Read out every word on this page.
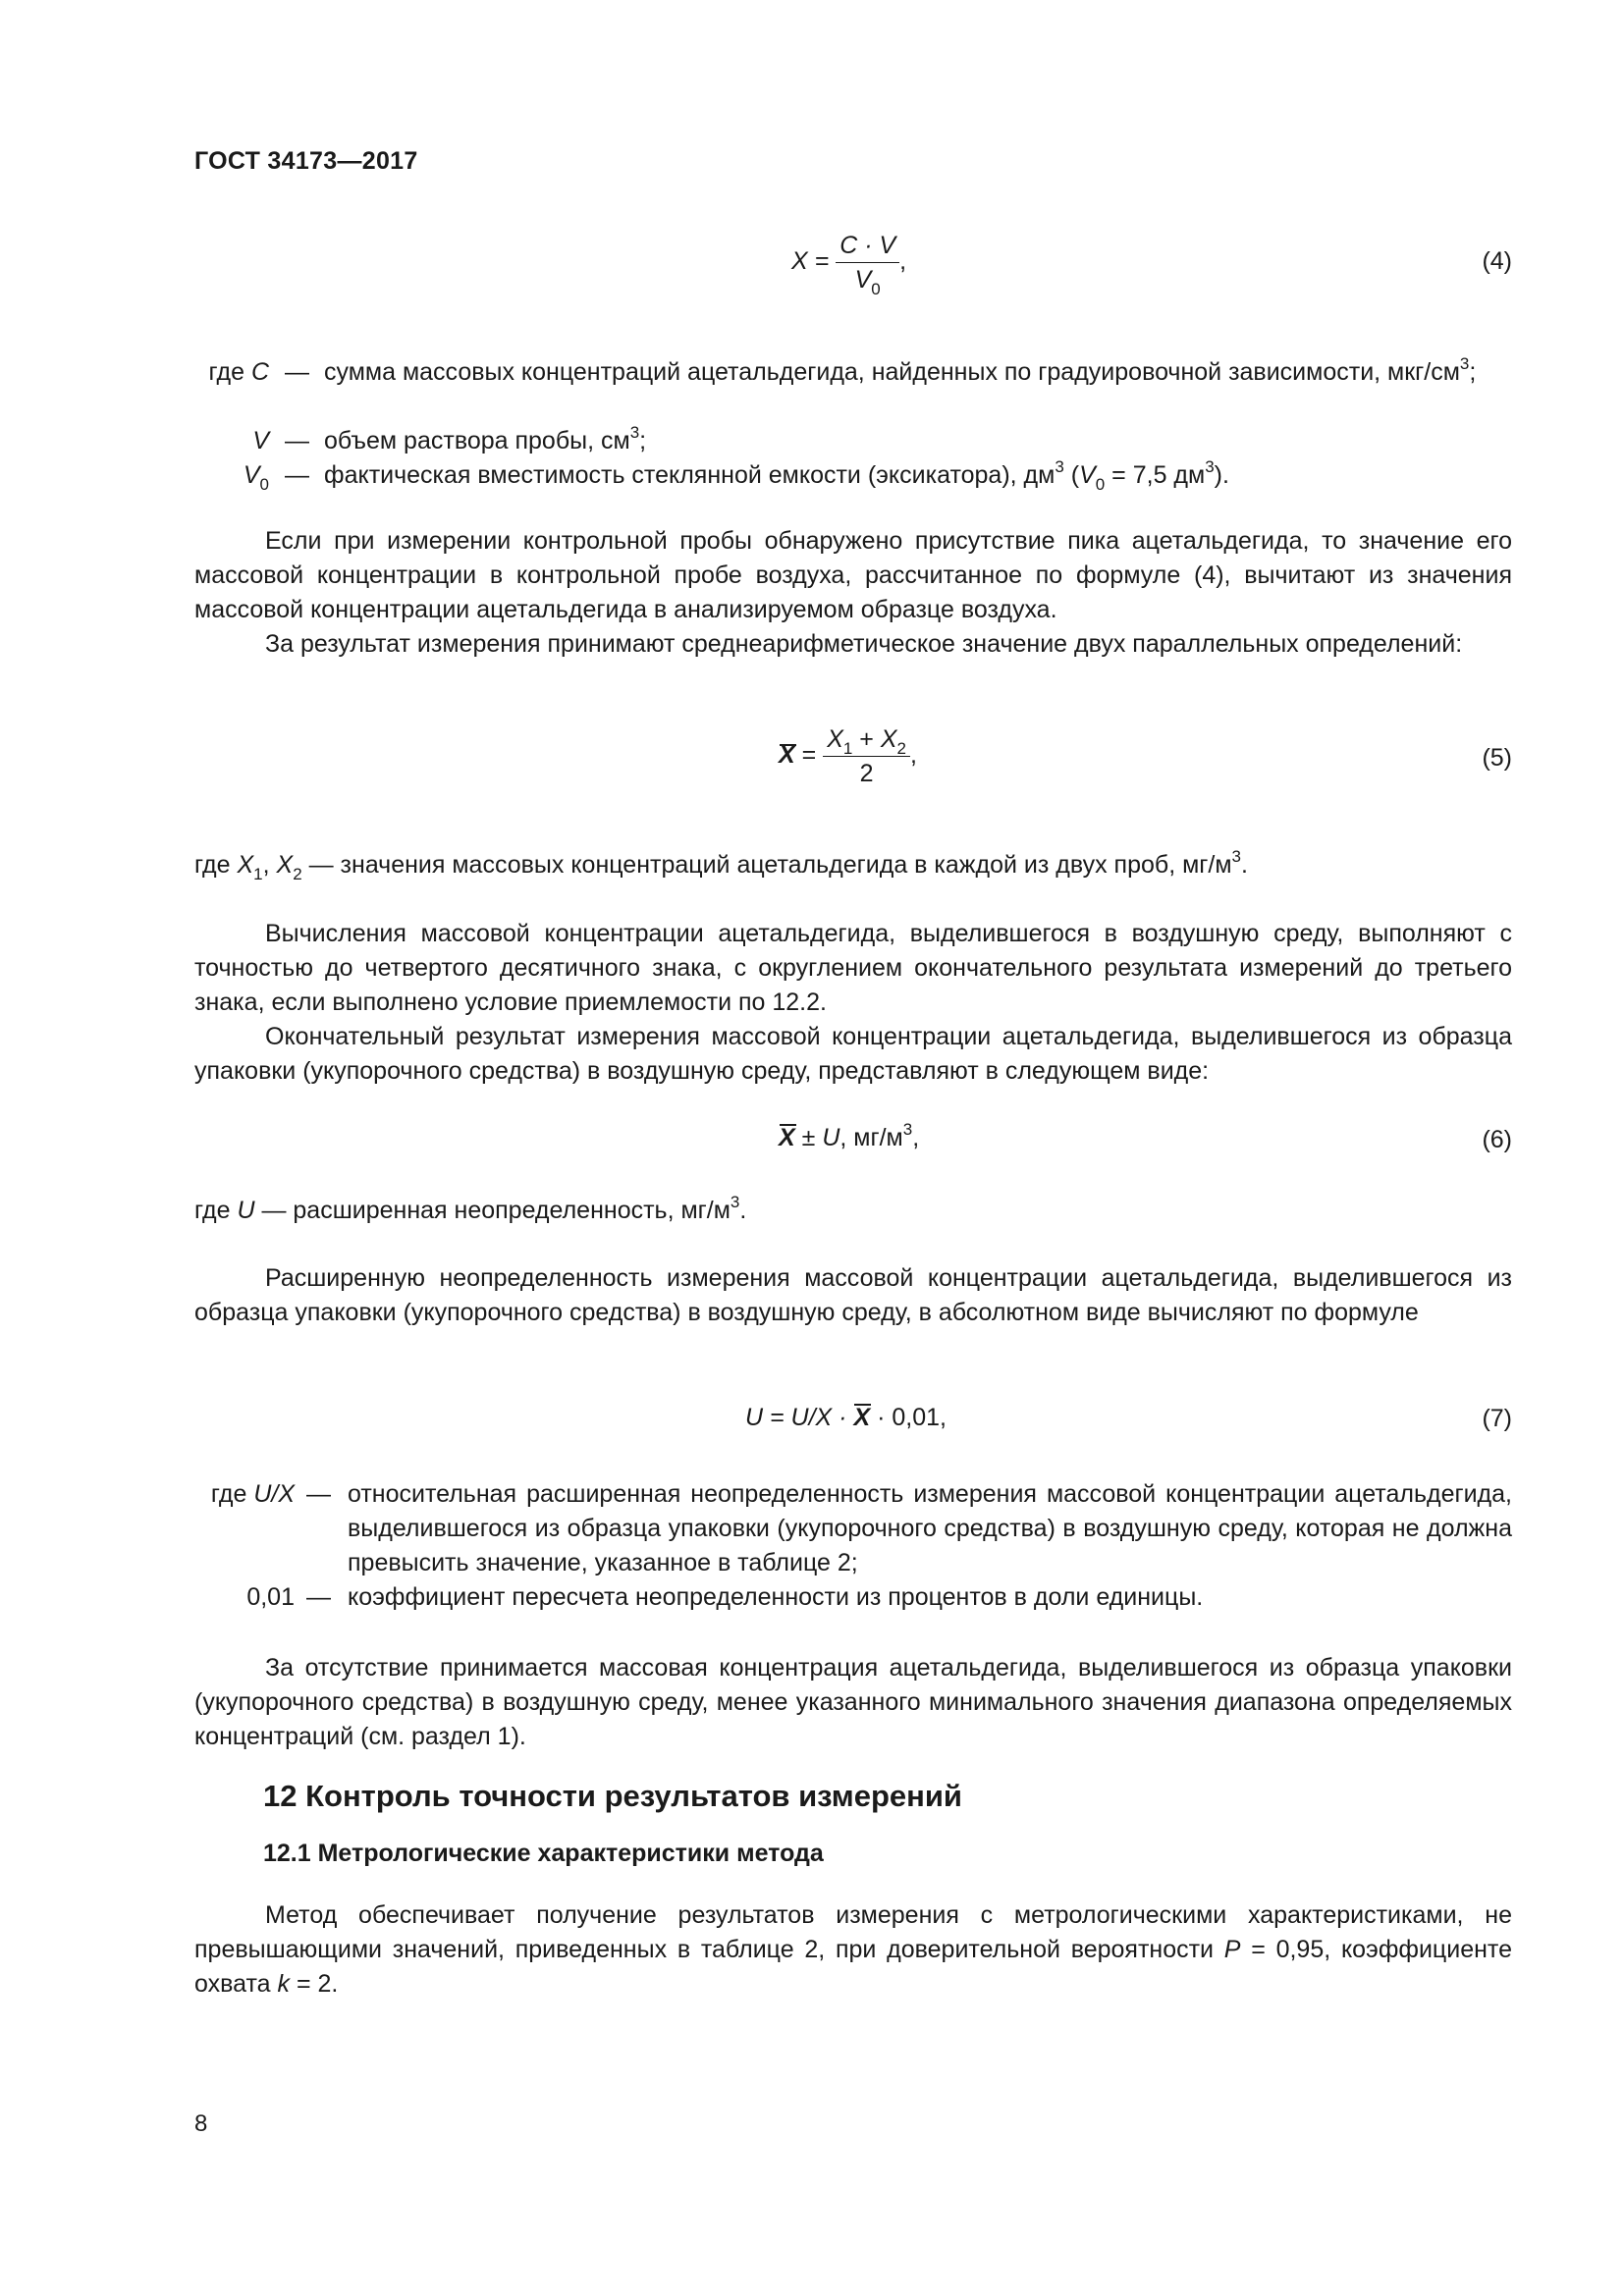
ГОСТ 34173—2017
$X = \frac{C \cdot V}{V_0}$ ,	(4)
где C — сумма массовых концентраций ацетальдегида, найденных по градуировочной зависимости, мкг/$см^3$;
V — объем раствора пробы, $см^3$;
$V_0$ — фактическая вместимость стеклянной емкости (эксикатора), $дм^3$ ($V_0 = 7,5$ $дм^3$).
Если при измерении контрольной пробы обнаружено присутствие пика ацетальдегида, то значение его массовой концентрации в контрольной пробе воздуха, рассчитанное по формуле (4), вычитают из значения массовой концентрации ацетальдегида в анализируемом образце воздуха.
За результат измерения принимают среднеарифметическое значение двух параллельных определений:
$X = \frac{X_1 + X_2}{2}$ ,	(5)
где $X_1$, $X_2$ — значения массовых концентраций ацетальдегида в каждой из двух проб, $мг/м^3$.
Вычисления массовой концентрации ацетальдегида, выделившегося в воздушную среду, выполняют с точностью до четвертого десятичного знака, с округлением окончательного результата измерений до третьего знака, если выполнено условие приемлемости по 12.2.
Окончательный результат измерения массовой концентрации ацетальдегида, выделившегося из образца упаковки (укупорочного средства) в воздушную среду, представляют в следующем виде:
X ± U, $мг/м^3$,	(6)
где U — расширенная неопределенность, $мг/м^3$.
Расширенную неопределенность измерения массовой концентрации ацетальдегида, выделившегося из образца упаковки (укупорочного средства) в воздушную среду, в абсолютном виде вычисляют по формуле
U = U/X · X · 0,01,	(7)
где U/X — относительная расширенная неопределенность измерения массовой концентрации ацетальдегида, выделившегося из образца упаковки (укупорочного средства) в воздушную среду, которая не должна превысить значение, указанное в таблице 2;
0,01 — коэффициент пересчета неопределенности из процентов в доли единицы.
За отсутствие принимается массовая концентрация ацетальдегида, выделившегося из образца упаковки (укупорочного средства) в воздушную среду, менее указанного минимального значения диапазона определяемых концентраций (см. раздел 1).
12 Контроль точности результатов измерений
12.1 Метрологические характеристики метода
Метод обеспечивает получение результатов измерения с метрологическими характеристиками, не превышающими значений, приведенных в таблице 2, при доверительной вероятности P = 0,95, коэффициенте охвата k = 2.
8
